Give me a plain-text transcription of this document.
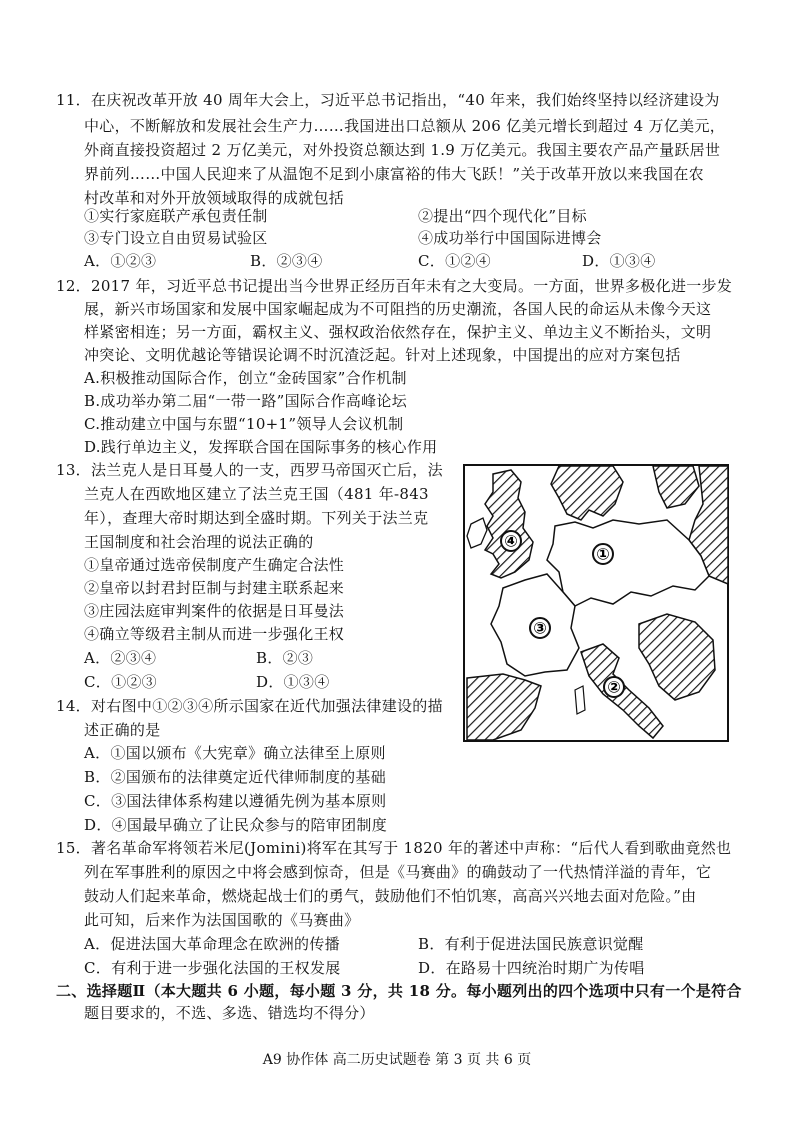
11．在庆祝改革开放 40 周年大会上，习近平总书记指出，“40 年来，我们始终坚持以经济建设为
中心，不断解放和发展社会生产力……我国进出口总额从 206 亿美元增长到超过 4 万亿美元，
外商直接投资超过 2 万亿美元，对外投资总额达到 1.9 万亿美元。我国主要农产品产量跃居世
界前列……中国人民迎来了从温饱不足到小康富裕的伟大飞跃！”关于改革开放以来我国在农
村改革和对外开放领域取得的成就包括
①实行家庭联产承包责任制	②提出“四个现代化”目标
③专门设立自由贸易试验区	④成功举行中国国际进博会
A．①②③	B．②③④	C．①②④	D．①③④
12．2017 年，习近平总书记提出当今世界正经历百年未有之大变局。一方面，世界多极化进一步发
展，新兴市场国家和发展中国家崛起成为不可阻挡的历史潮流，各国人民的命运从未像今天这
样紧密相连；另一方面，霸权主义、强权政治依然存在，保护主义、单边主义不断抬头，文明
冲突论、文明优越论等错误论调不时沉渣泛起。针对上述现象，中国提出的应对方案包括
A.积极推动国际合作，创立“金砖国家”合作机制
B.成功举办第二届“一带一路”国际合作高峰论坛
C.推动建立中国与东盟“10+1”领导人会议机制
D.践行单边主义，发挥联合国在国际事务的核心作用
13．法兰克人是日耳曼人的一支，西罗马帝国灭亡后，法
兰克人在西欧地区建立了法兰克王国（481 年-843
年），查理大帝时期达到全盛时期。下列关于法兰克
王国制度和社会治理的说法正确的
①皇帝通过选帝侯制度产生确定合法性
②皇帝以封君封臣制与封建主联系起来
③庄园法庭审判案件的依据是日耳曼法
④确立等级君主制从而进一步强化王权
A．②③④	B．②③
C．①②③	D．①③④
14．对右图中①②③④所示国家在近代加强法律建设的描
述正确的是
A．①国以颁布《大宪章》确立法律至上原则
B．②国颁布的法律奠定近代律师制度的基础
C．③国法律体系构建以遵循先例为基本原则
D．④国最早确立了让民众参与的陪审团制度
15．著名革命军将领若米尼(Jomini)将军在其写于 1820 年的著述中声称：“后代人看到歌曲竟然也
列在军事胜利的原因之中将会感到惊奇，但是《马赛曲》的确鼓动了一代热情洋溢的青年，它
鼓动人们起来革命，燃烧起战士们的勇气，鼓励他们不怕饥寒，高高兴兴地去面对危险。”由
此可知，后来作为法国国歌的《马赛曲》
A．促进法国大革命理念在欧洲的传播	B．有利于促进法国民族意识觉醒
C．有利于进一步强化法国的王权发展	D．在路易十四统治时期广为传唱
二、选择题Ⅱ（本大题共 6 小题，每小题 3 分，共 18 分。每小题列出的四个选项中只有一个是符合
题目要求的，不选、多选、错选均不得分）
④
①
③
②
A9 协作体 高二历史试题卷 第 3 页 共 6 页
